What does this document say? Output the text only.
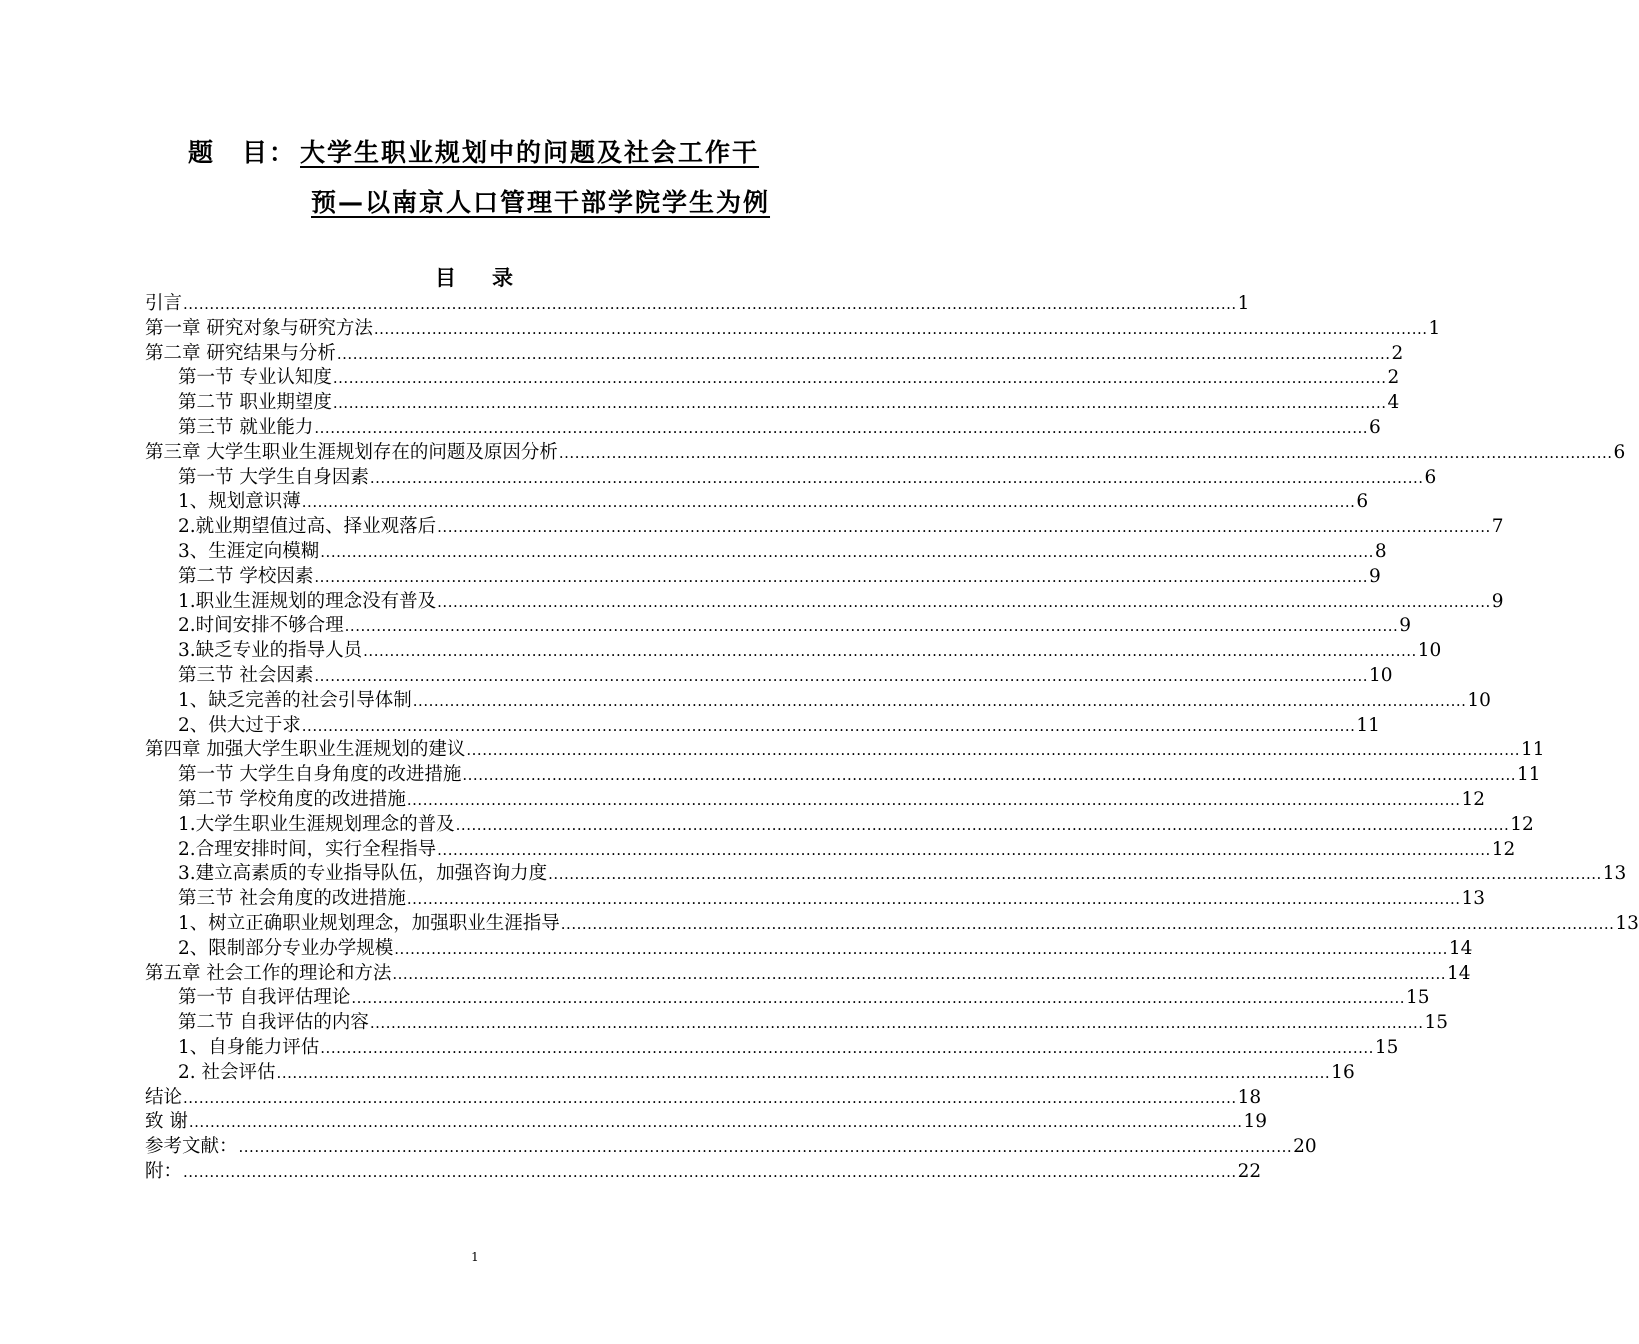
题　目： 大学生职业规划中的问题及社会工作干
预—以南京人口管理干部学院学生为例
目 录
引言 ........................................................................................................................................................................................................ 1
第一章 研究对象与研究方法 ........................................................................................................................................................................................................ 1
第二章 研究结果与分析 ........................................................................................................................................................................................................ 2
第一节 专业认知度 ........................................................................................................................................................................................................ 2
第二节 职业期望度 ........................................................................................................................................................................................................ 4
第三节 就业能力 ........................................................................................................................................................................................................ 6
第三章 大学生职业生涯规划存在的问题及原因分析 ........................................................................................................................................................................................................ 6
第一节 大学生自身因素 ........................................................................................................................................................................................................ 6
1、规划意识薄 ........................................................................................................................................................................................................ 6
2.就业期望值过高、择业观落后 ........................................................................................................................................................................................................ 7
3、生涯定向模糊 ........................................................................................................................................................................................................ 8
第二节 学校因素 ........................................................................................................................................................................................................ 9
1.职业生涯规划的理念没有普及 ........................................................................................................................................................................................................ 9
2.时间安排不够合理 ........................................................................................................................................................................................................ 9
3.缺乏专业的指导人员 ........................................................................................................................................................................................................ 10
第三节 社会因素 ........................................................................................................................................................................................................ 10
1、缺乏完善的社会引导体制 ........................................................................................................................................................................................................ 10
2、供大过于求 ........................................................................................................................................................................................................ 11
第四章 加强大学生职业生涯规划的建议 ........................................................................................................................................................................................................ 11
第一节 大学生自身角度的改进措施 ........................................................................................................................................................................................................ 11
第二节 学校角度的改进措施 ........................................................................................................................................................................................................ 12
1.大学生职业生涯规划理念的普及 ........................................................................................................................................................................................................ 12
2.合理安排时间，实行全程指导 ........................................................................................................................................................................................................ 12
3.建立高素质的专业指导队伍，加强咨询力度 ........................................................................................................................................................................................................ 13
第三节 社会角度的改进措施 ........................................................................................................................................................................................................ 13
1、树立正确职业规划理念，加强职业生涯指导 ........................................................................................................................................................................................................ 13
2、限制部分专业办学规模 ........................................................................................................................................................................................................ 14
第五章 社会工作的理论和方法 ........................................................................................................................................................................................................ 14
第一节 自我评估理论 ........................................................................................................................................................................................................ 15
第二节 自我评估的内容 ........................................................................................................................................................................................................ 15
1、自身能力评估 ........................................................................................................................................................................................................ 15
2. 社会评估 ........................................................................................................................................................................................................ 16
结论 ........................................................................................................................................................................................................ 18
致 谢 ........................................................................................................................................................................................................ 19
参考文献： ........................................................................................................................................................................................................ 20
附： ........................................................................................................................................................................................................ 22
1
